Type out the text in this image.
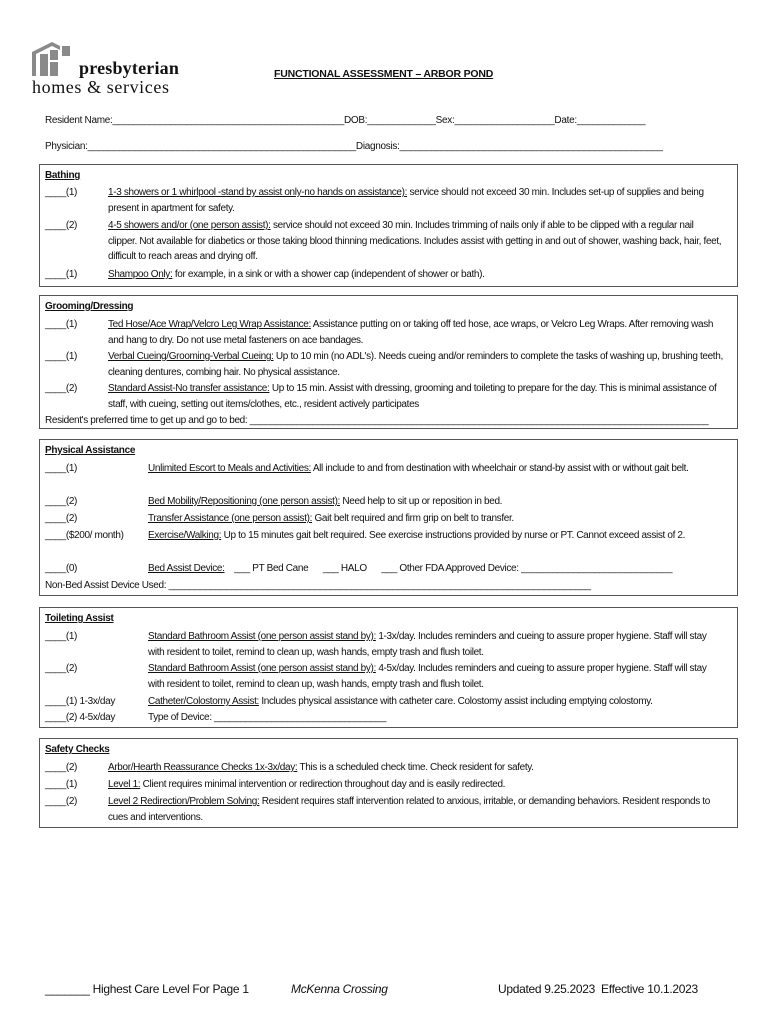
presbyterian
homes & services
FUNCTIONAL ASSESSMENT – ARBOR POND
Resident Name:____________________________________________DOB:_____________Sex:___________________Date:_____________
Physician:___________________________________________________Diagnosis:__________________________________________________
Bathing
____(1)	1-3 showers or 1 whirlpool -stand by assist only-no hands on assistance): service should not exceed 30 min. Includes set-up of supplies and being present in apartment for safety.
____(2)	4-5 showers and/or (one person assist): service should not exceed 30 min. Includes trimming of nails only if able to be clipped with a regular nail clipper. Not available for diabetics or those taking blood thinning medications. Includes assist with getting in and out of shower, washing back, hair, feet, difficult to reach areas and drying off.
____(1)	Shampoo Only: for example, in a sink or with a shower cap (independent of shower or bath).
Grooming/Dressing
____(1)	Ted Hose/Ace Wrap/Velcro Leg Wrap Assistance: Assistance putting on or taking off ted hose, ace wraps, or Velcro Leg Wraps. After removing wash and hang to dry. Do not use metal fasteners on ace bandages.
____(1)	Verbal Cueing/Grooming-Verbal Cueing: Up to 10 min (no ADL's). Needs cueing and/or reminders to complete the tasks of washing up, brushing teeth, cleaning dentures, combing hair. No physical assistance.
____(2)	Standard Assist-No transfer assistance: Up to 15 min. Assist with dressing, grooming and toileting to prepare for the day. This is minimal assistance of staff, with cueing, setting out items/clothes, etc., resident actively participates
Resident's preferred time to get up and go to bed: ________________________________________________________________________________________
Physical Assistance
____(1)	Unlimited Escort to Meals and Activities: All include to and from destination with wheelchair or stand-by assist with or without gait belt.
____(2)	Bed Mobility/Repositioning (one person assist): Need help to sit up or reposition in bed.
____(2)	Transfer Assistance (one person assist): Gait belt required and firm grip on belt to transfer.
____($200/ month) Exercise/Walking: Up to 15 minutes gait belt required. See exercise instructions provided by nurse or PT. Cannot exceed assist of 2.
____(0)	Bed Assist Device:    ___ PT Bed Cane      ___ HALO      ___ Other FDA Approved Device: _____________________________
Non-Bed Assist Device Used: _________________________________________________________________________________
Toileting Assist
____(1)	Standard Bathroom Assist (one person assist stand by): 1-3x/day. Includes reminders and cueing to assure proper hygiene. Staff will stay with resident to toilet, remind to clean up, wash hands, empty trash and flush toilet.
____(2)	Standard Bathroom Assist (one person assist stand by): 4-5x/day. Includes reminders and cueing to assure proper hygiene. Staff will stay with resident to toilet, remind to clean up, wash hands, empty trash and flush toilet.
____(1) 1-3x/day	Catheter/Colostomy Assist: Includes physical assistance with catheter care. Colostomy assist including emptying colostomy.
____(2) 4-5x/day	Type of Device: _________________________________
Safety Checks
____(2)	Arbor/Hearth Reassurance Checks 1x-3x/day: This is a scheduled check time. Check resident for safety.
____(1)	Level 1: Client requires minimal intervention or redirection throughout day and is easily redirected.
____(2)	Level 2 Redirection/Problem Solving: Resident requires staff intervention related to anxious, irritable, or demanding behaviors. Resident responds to cues and interventions.
_______ Highest Care Level For Page 1	McKenna Crossing	Updated 9.25.2023  Effective 10.1.2023
